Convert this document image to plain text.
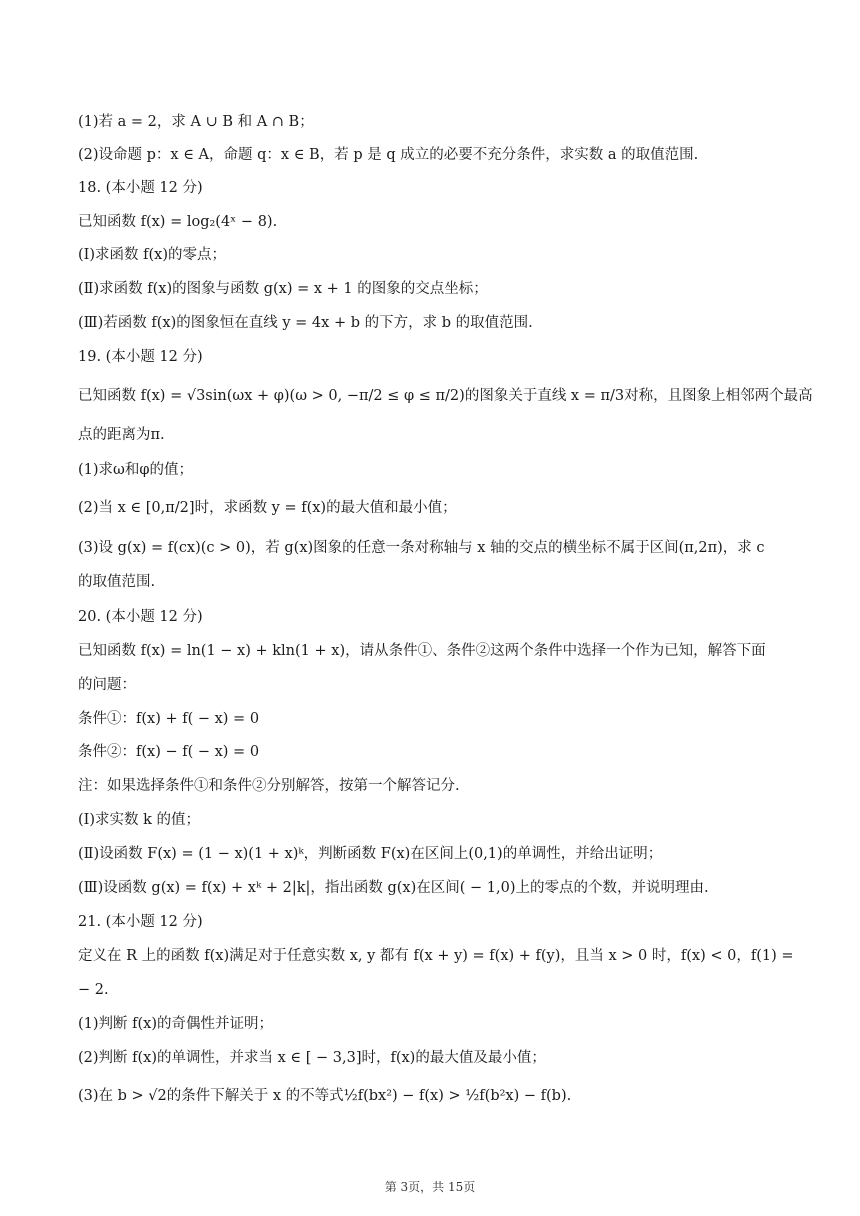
(1)若 a = 2，求 A ∪ B 和 A ∩ B；
(2)设命题 p：x ∈ A，命题 q：x ∈ B，若 p 是 q 成立的必要不充分条件，求实数 a 的取值范围.
18. (本小题 12 分)
已知函数 f(x) = log₂(4ˣ − 8).
(Ⅰ)求函数 f(x)的零点；
(Ⅱ)求函数 f(x)的图象与函数 g(x) = x + 1 的图象的交点坐标；
(Ⅲ)若函数 f(x)的图象恒在直线 y = 4x + b 的下方，求 b 的取值范围.
19. (本小题 12 分)
已知函数 f(x) = √3sin(ωx + φ)(ω > 0, −π/2 ≤ φ ≤ π/2)的图象关于直线 x = π/3对称，且图象上相邻两个最高
点的距离为π.
(1)求ω和φ的值；
(2)当 x ∈ [0,π/2]时，求函数 y = f(x)的最大值和最小值；
(3)设 g(x) = f(cx)(c > 0)，若 g(x)图象的任意一条对称轴与 x 轴的交点的横坐标不属于区间(π,2π)，求 c
的取值范围.
20. (本小题 12 分)
已知函数 f(x) = ln(1 − x) + kln(1 + x)，请从条件①、条件②这两个条件中选择一个作为已知，解答下面
的问题：
条件①：f(x) + f( − x) = 0
条件②：f(x) − f( − x) = 0
注：如果选择条件①和条件②分别解答，按第一个解答记分.
(Ⅰ)求实数 k 的值；
(Ⅱ)设函数 F(x) = (1 − x)(1 + x)ᵏ，判断函数 F(x)在区间上(0,1)的单调性，并给出证明；
(Ⅲ)设函数 g(x) = f(x) + xᵏ + 2|k|，指出函数 g(x)在区间( − 1,0)上的零点的个数，并说明理由.
21. (本小题 12 分)
定义在 R 上的函数 f(x)满足对于任意实数 x, y 都有 f(x + y) = f(x) + f(y)，且当 x > 0 时，f(x) < 0，f(1) =
− 2.
(1)判断 f(x)的奇偶性并证明；
(2)判断 f(x)的单调性，并求当 x ∈ [ − 3,3]时，f(x)的最大值及最小值；
(3)在 b > √2的条件下解关于 x 的不等式½f(bx²) − f(x) > ½f(b²x) − f(b).
第 3页，共 15页
